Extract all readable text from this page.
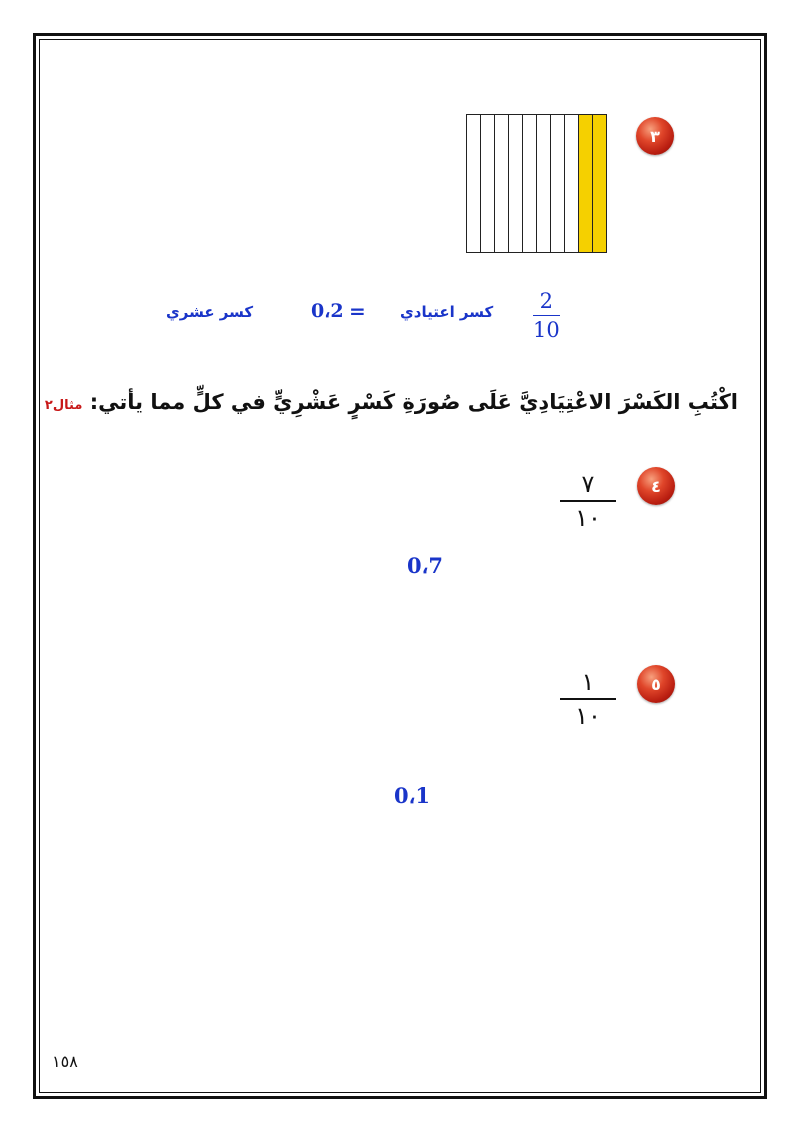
٣
2
10
كسر اعتيادي
=
0،2
كسر عشري
اكْتُبِ الكَسْرَ الاعْتِيَادِيَّ عَلَى صُورَةِ كَسْرٍ عَشْرِيٍّ في كلٍّ مما يأتي: مثال٢
٤
٧
١٠
0،7
٥
١
١٠
0،1
١٥٨
